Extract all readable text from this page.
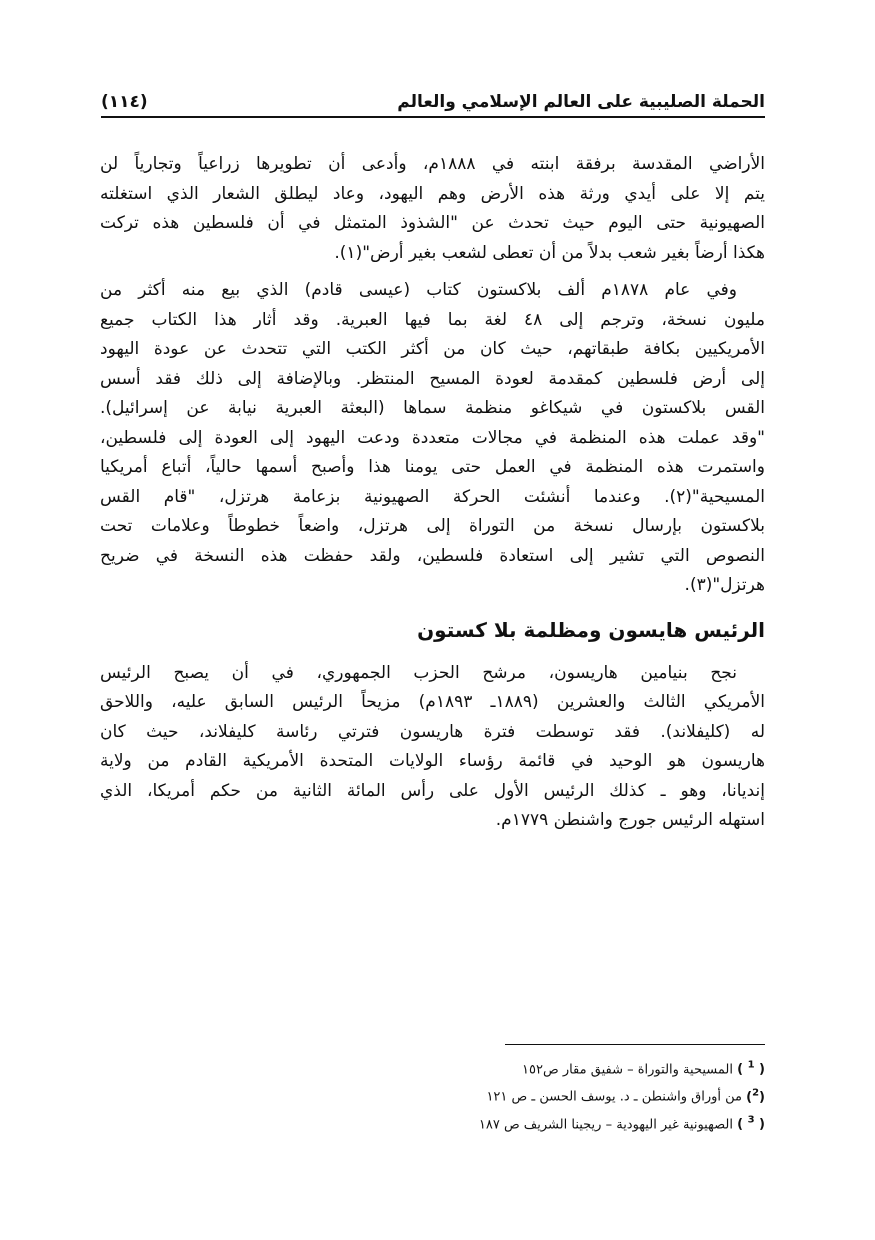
الحملة الصليبية على العالم الإسلامي والعالم
(١١٤)

الأراضي المقدسة برفقة ابنته في ١٨٨٨م، وأدعى أن تطويرها زراعياً وتجارياً لن
يتم إلا على أيدي ورثة هذه الأرض وهم اليهود، وعاد ليطلق الشعار الذي استغلته
الصهيونية حتى اليوم حيث تحدث عن "الشذوذ المتمثل في أن فلسطين هذه تركت
هكذا أرضاً بغير شعب بدلاً من أن تعطى لشعب بغير أرض"(١).

وفي عام ١٨٧٨م ألف بلاكستون كتاب (عيسى قادم) الذي بيع منه أكثر من
مليون نسخة، وترجم إلى ٤٨ لغة بما فيها العبرية. وقد أثار هذا الكتاب جميع
الأمريكيين بكافة طبقاتهم، حيث كان من أكثر الكتب التي تتحدث عن عودة اليهود
إلى أرض فلسطين كمقدمة لعودة المسيح المنتظر. وبالإضافة إلى ذلك فقد أسس
القس بلاكستون في شيكاغو منظمة سماها (البعثة العبرية نيابة عن إسرائيل).
"وقد عملت هذه المنظمة في مجالات متعددة ودعت اليهود إلى العودة إلى فلسطين،
واستمرت هذه المنظمة في العمل حتى يومنا هذا وأصبح أسمها حالياً، أتباع أمريكيا
المسيحية"(٢). وعندما أنشئت الحركة الصهيونية بزعامة هرتزل، "قام القس
بلاكستون بإرسال نسخة من التوراة إلى هرتزل، واضعاً خطوطاً وعلامات تحت
النصوص التي تشير إلى استعادة فلسطين، ولقد حفظت هذه النسخة في ضريح
هرتزل"(٣).

الرئيس هايسون ومظلمة بلا كستون

نجح بنيامين هاريسون، مرشح الحزب الجمهوري، في أن يصبح الرئيس
الأمريكي الثالث والعشرين (١٨٨٩ـ ١٨٩٣م) مزيحاً الرئيس السابق عليه، واللاحق
له (كليفلاند). فقد توسطت فترة هاريسون فترتي رئاسة كليفلاند، حيث كان
هاريسون هو الوحيد في قائمة رؤساء الولايات المتحدة الأمريكية القادم من ولاية
إنديانا، وهو ـ كذلك الرئيس الأول على رأس المائة الثانية من حكم أمريكا، الذي
استهله الرئيس جورج واشنطن ١٧٧٩م.

( $^1$ ) المسيحية والتوراة – شفيق مقار ص١٥٢
($^2$) من أوراق واشنطن ـ د. يوسف الحسن ـ ص ١٢١
( $^3$ ) الصهيونية غير اليهودية – ريجينا الشريف ص ١٨٧
